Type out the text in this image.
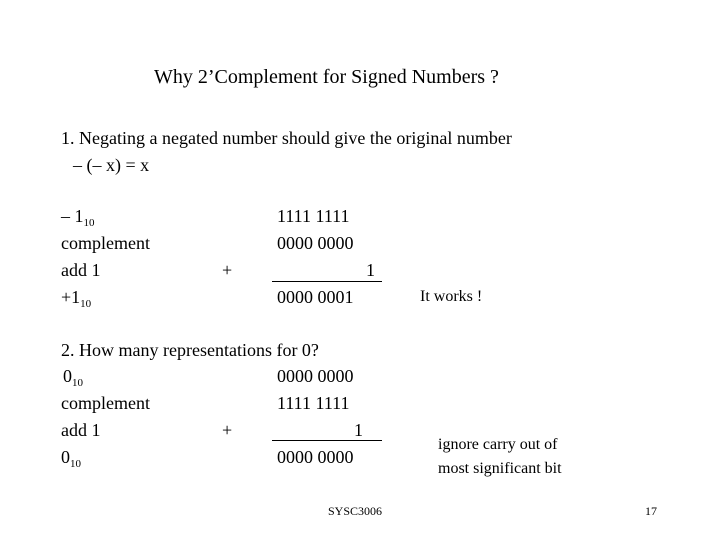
Why 2’Complement for Signed Numbers ?
1. Negating a negated number should give the original number
– (– x) = x
– $1_{10}$
complement
add 1
$+1_{10}$
1111 1111
0000 0000
1
0000 0001
+
It works !
2. How many representations for 0?
$0_{10}$
complement
add 1
$0_{10}$
0000 0000
1111 1111
1
0000 0000
+
ignore carry out of
most significant bit
SYSC3006	17
